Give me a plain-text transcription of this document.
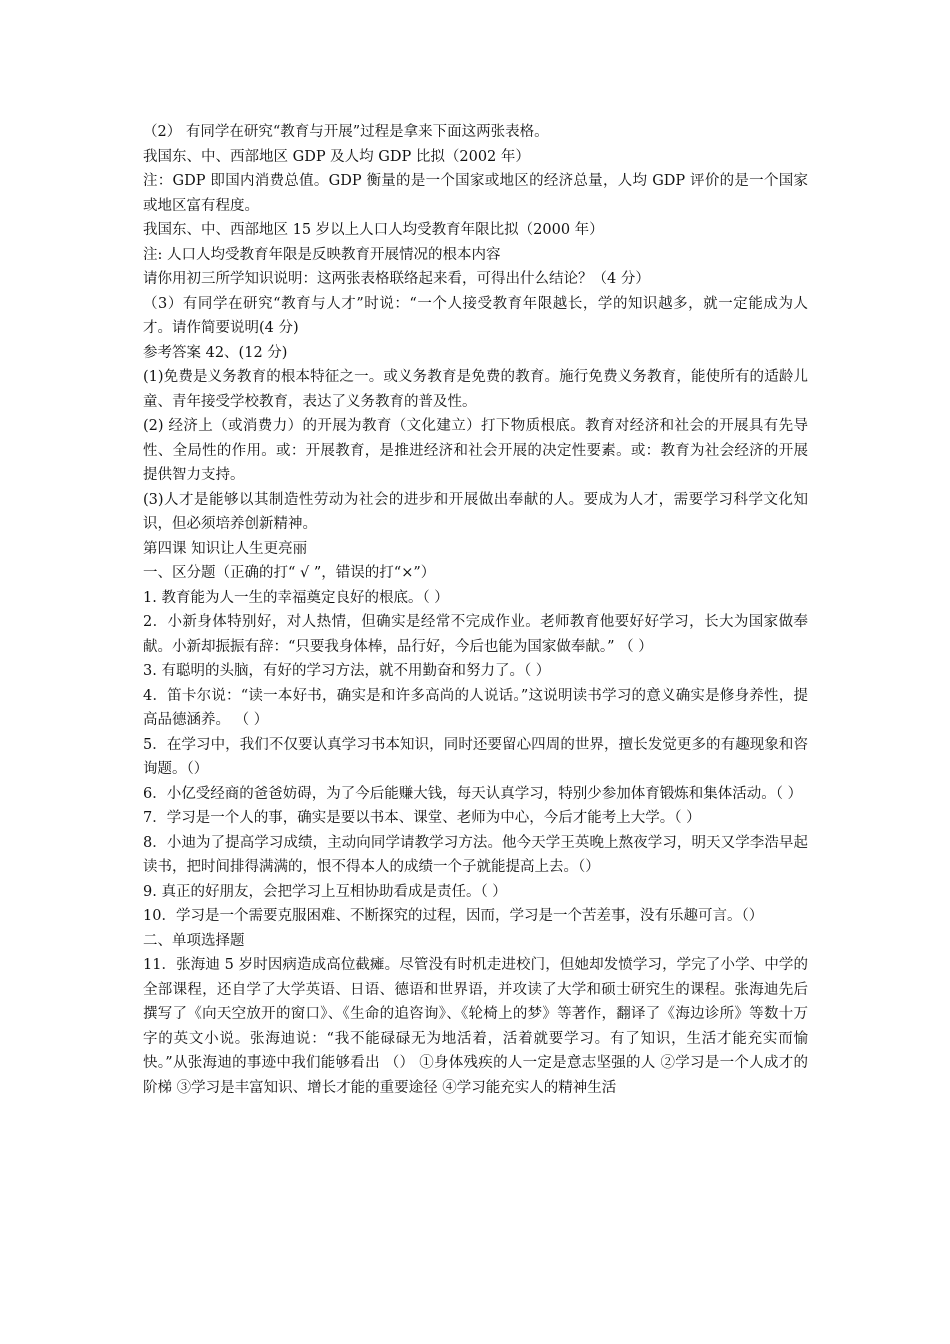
（2） 有同学在研究“教育与开展”过程是拿来下面这两张表格。

我国东、中、西部地区 GDP 及人均 GDP 比拟（2002 年）

注：GDP 即国内消费总值。GDP 衡量的是一个国家或地区的经济总量，人均 GDP 评价的是一个国家或地区富有程度。

我国东、中、西部地区 15 岁以上人口人均受教育年限比拟（2000 年）

注: 人口人均受教育年限是反映教育开展情况的根本内容

请你用初三所学知识说明：这两张表格联络起来看，可得出什么结论？（4 分）

（3）有同学在研究“教育与人才”时说：“一个人接受教育年限越长，学的知识越多，就一定能成为人才。请作简要说明(4 分)

参考答案 42、(12 分)

(1)免费是义务教育的根本特征之一。或义务教育是免费的教育。施行免费义务教育，能使所有的适龄儿童、青年接受学校教育，表达了义务教育的普及性。

(2) 经济上（或消费力）的开展为教育（文化建立）打下物质根底。教育对经济和社会的开展具有先导性、全局性的作用。或：开展教育，是推进经济和社会开展的决定性要素。或：教育为社会经济的开展提供智力支持。

(3)人才是能够以其制造性劳动为社会的进步和开展做出奉献的人。要成为人才，需要学习科学文化知识，但必须培养创新精神。

第四课 知识让人生更亮丽

一、区分题（正确的打“ √ ”，错误的打“×”）

1. 教育能为人一生的幸福奠定良好的根底。（ ）

2．小新身体特别好，对人热情，但确实是经常不完成作业。老师教育他要好好学习，长大为国家做奉献。小新却振振有辞：“只要我身体棒，品行好，今后也能为国家做奉献。” （ ）

3. 有聪明的头脑，有好的学习方法，就不用勤奋和努力了。（ ）

4．笛卡尔说：“读一本好书，确实是和许多高尚的人说话。”这说明读书学习的意义确实是修身养性，提高品德涵养。 （ ）

5．在学习中，我们不仅要认真学习书本知识，同时还要留心四周的世界，擅长发觉更多的有趣现象和咨询题。（）

6．小亿受经商的爸爸妨碍，为了今后能赚大钱，每天认真学习，特别少参加体育锻炼和集体活动。（ ）

7．学习是一个人的事，确实是要以书本、课堂、老师为中心，今后才能考上大学。（ ）

8．小迪为了提高学习成绩，主动向同学请教学习方法。他今天学王英晚上熬夜学习，明天又学李浩早起读书，把时间排得满满的，恨不得本人的成绩一个子就能提高上去。（）

9. 真正的好朋友，会把学习上互相协助看成是责任。（ ）

10．学习是一个需要克服困难、不断探究的过程，因而，学习是一个苦差事，没有乐趣可言。（）

二、单项选择题

11．张海迪 5 岁时因病造成高位截瘫。尽管没有时机走进校门，但她却发愤学习，学完了小学、中学的全部课程，还自学了大学英语、日语、德语和世界语，并攻读了大学和硕士研究生的课程。张海迪先后撰写了《向天空放开的窗口》、《生命的追咨询》、《轮椅上的梦》等著作，翻译了《海边诊所》等数十万字的英文小说。张海迪说：“我不能碌碌无为地活着，活着就要学习。有了知识，生活才能充实而愉快。”从张海迪的事迹中我们能够看出 （） ①身体残疾的人一定是意志坚强的人 ②学习是一个人成才的阶梯 ③学习是丰富知识、增长才能的重要途径 ④学习能充实人的精神生活
